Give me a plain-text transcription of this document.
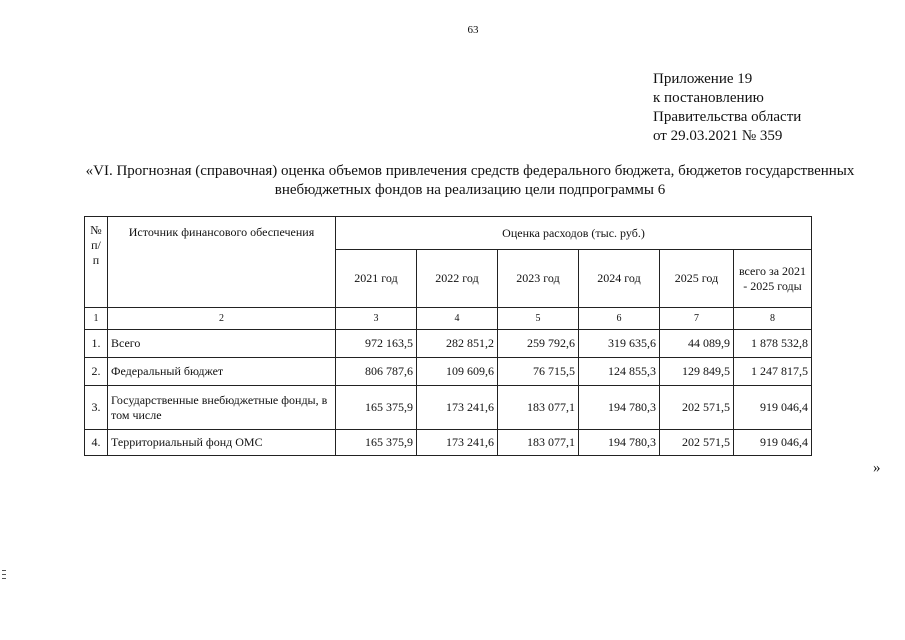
63
Приложение 19
к постановлению
Правительства области
от 29.03.2021 № 359
«VI. Прогнозная (справочная) оценка объемов привлечения средств федерального бюджета, бюджетов государственных
внебюджетных фондов на реализацию цели подпрограммы 6
№ п/п	Источник финансового обеспечения	Оценка расходов (тыс. руб.)					
		2021 год	2022 год	2023 год	2024 год	2025 год	всего за 2021 - 2025 годы
1	2	3	4	5	6	7	8
1.	Всего	972 163,5	282 851,2	259 792,6	319 635,6	44 089,9	1 878 532,8
2.	Федеральный бюджет	806 787,6	109 609,6	76 715,5	124 855,3	129 849,5	1 247 817,5
3.	Государственные внебюджетные фонды, в том числе	165 375,9	173 241,6	183 077,1	194 780,3	202 571,5	919 046,4
4.	Территориальный фонд ОМС	165 375,9	173 241,6	183 077,1	194 780,3	202 571,5	919 046,4
»
